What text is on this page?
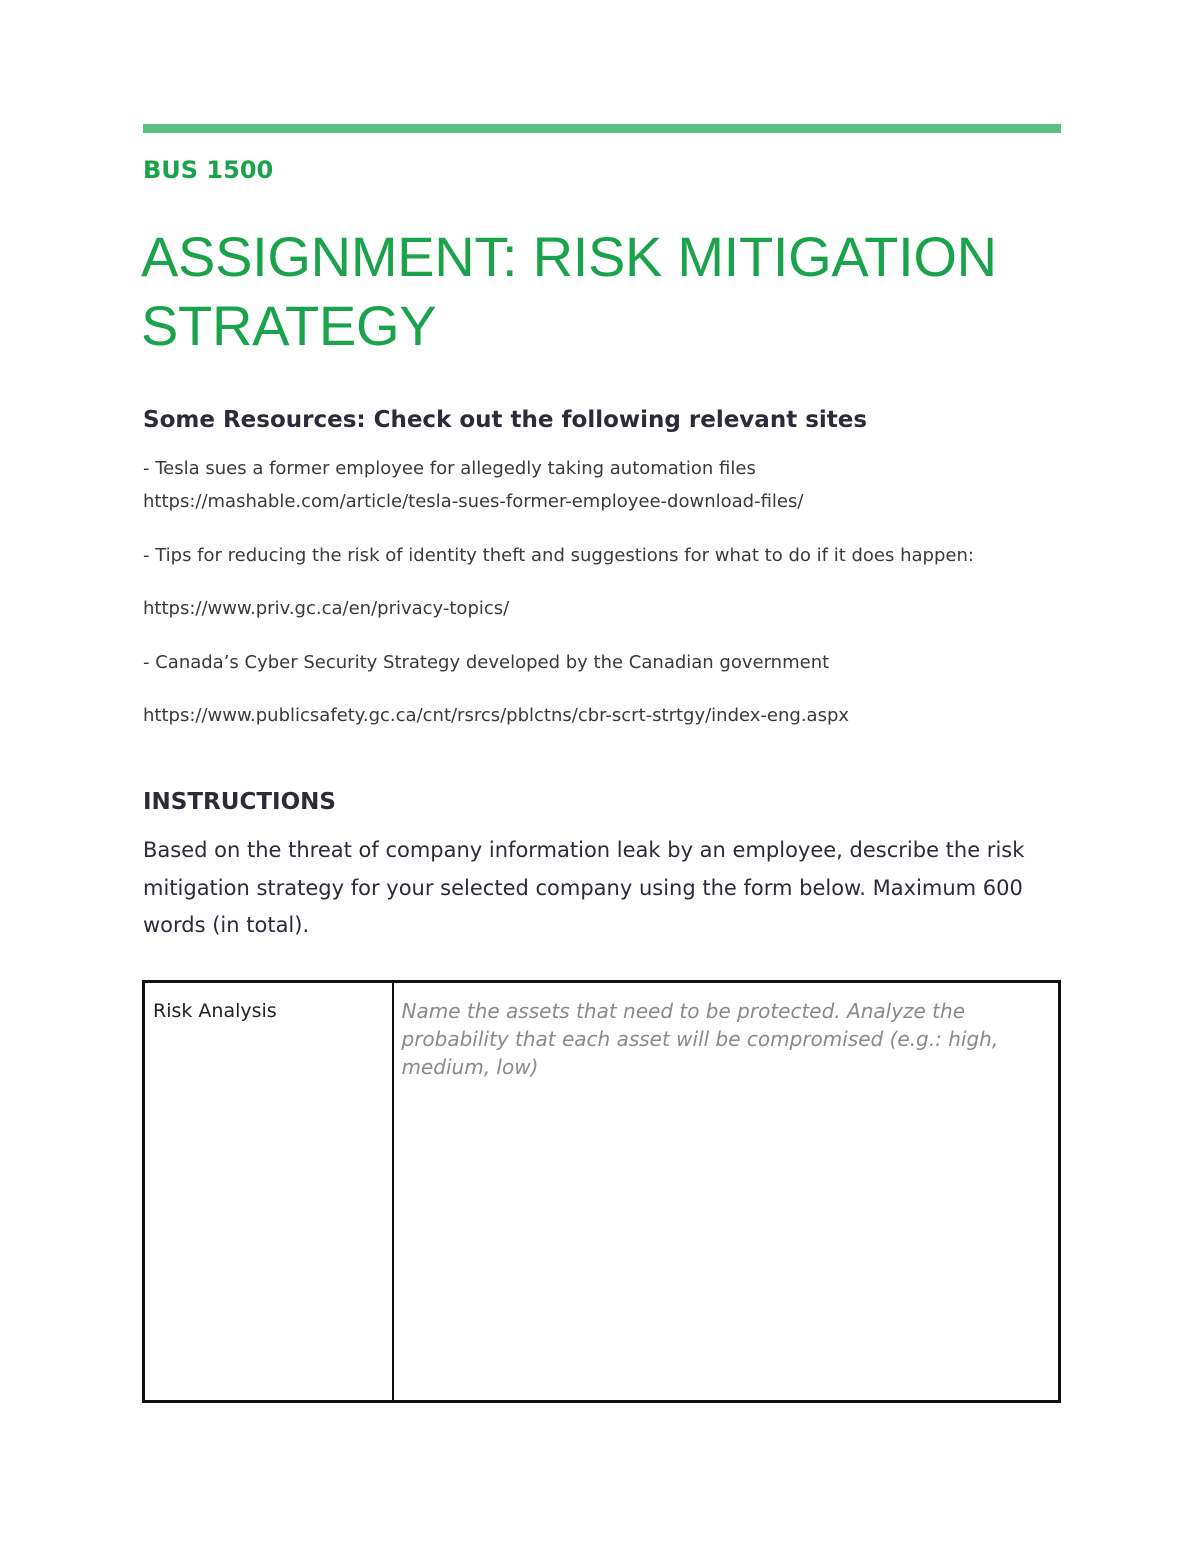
BUS 1500
ASSIGNMENT: RISK MITIGATION STRATEGY
Some Resources: Check out the following relevant sites

- Tesla sues a former employee for allegedly taking automation files

https://mashable.com/article/tesla-sues-former-employee-download-files/

- Tips for reducing the risk of identity theft and suggestions for what to do if it does happen:

https://www.priv.gc.ca/en/privacy-topics/

- Canada’s Cyber Security Strategy developed by the Canadian government

https://www.publicsafety.gc.ca/cnt/rsrcs/pblctns/cbr-scrt-strtgy/index-eng.aspx

INSTRUCTIONS

Based on the threat of company information leak by an employee, describe the risk mitigation strategy for your selected company using the form below. Maximum 600 words (in total).

Risk Analysis	Name the assets that need to be protected. Analyze the probability that each asset will be compromised (e.g.: high, medium, low)
